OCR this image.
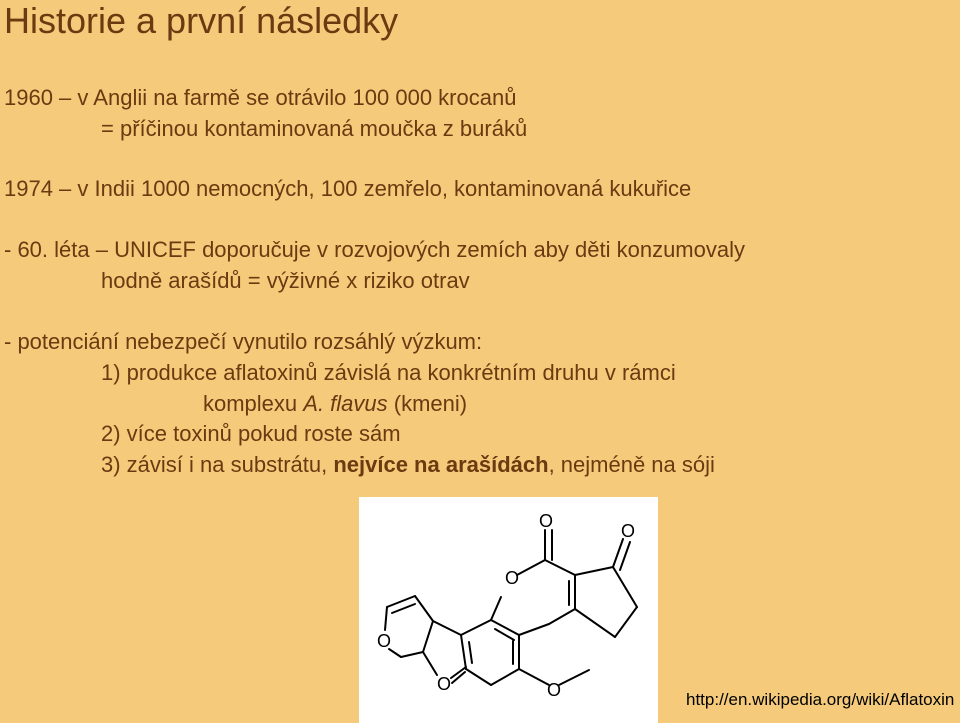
Historie a první následky
1960 – v Anglii na farmě se otrávilo 100 000 krocanů
= příčinou kontaminovaná moučka z buráků
1974 – v Indii 1000 nemocných, 100 zemřelo, kontaminovaná kukuřice
- 60. léta – UNICEF doporučuje v rozvojových zemích aby děti konzumovaly
hodně arašídů = výživné x riziko otrav
- potenciání nebezpečí vynutilo rozsáhlý výzkum:
1) produkce aflatoxinů závislá na konkrétním druhu v rámci
komplexu A. flavus (kmeni)
2) více toxinů pokud roste sám
3) závisí i na substrátu, nejvíce na arašídách, nejméně na sóji
O	O
O
O
O	O	http://en.wikipedia.org/wiki/Aflatoxin
